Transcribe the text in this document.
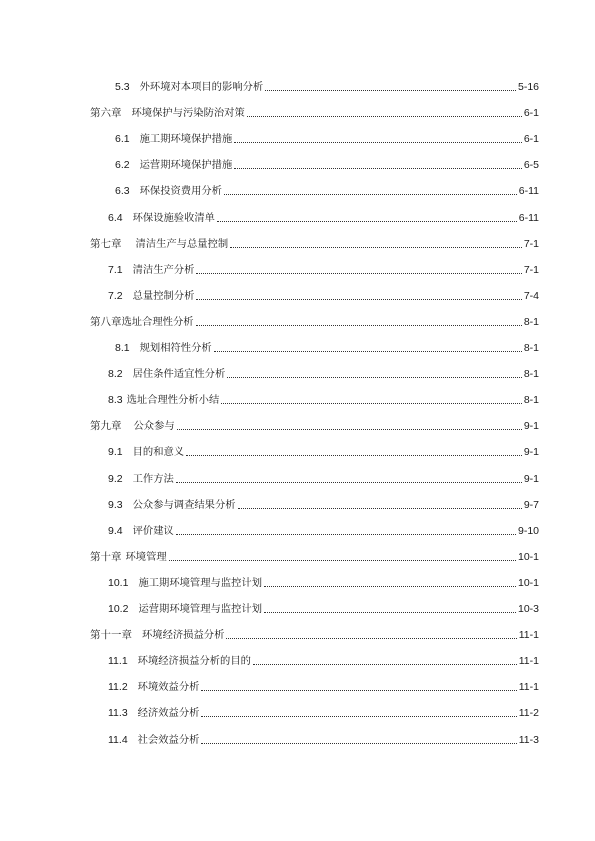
5.3 外环境对本项目的影响分析	5-16
第六章 环境保护与污染防治对策	6-1
6.1 施工期环境保护措施	6-1
6.2 运营期环境保护措施	6-5
6.3 环保投资费用分析	6-11
6.4 环保设施验收清单	6-11
第七章 清洁生产与总量控制	7-1
7.1 清洁生产分析	7-1
7.2 总量控制分析	7-4
第八章 选址合理性分析	8-1
8.1 规划相符性分析	8-1
8.2 居住条件适宜性分析	8-1
8.3 选址合理性分析小结	8-1
第九章 公众参与	9-1
9.1 目的和意义	9-1
9.2 工作方法	9-1
9.3 公众参与调查结果分析	9-7
9.4 评价建议	9-10
第十章 环境管理	10-1
10.1 施工期环境管理与监控计划	10-1
10.2 运营期环境管理与监控计划	10-3
第十一章 环境经济损益分析	11-1
11.1 环境经济损益分析的目的	11-1
11.2 环境效益分析	11-1
11.3 经济效益分析	11-2
11.4 社会效益分析	11-3
